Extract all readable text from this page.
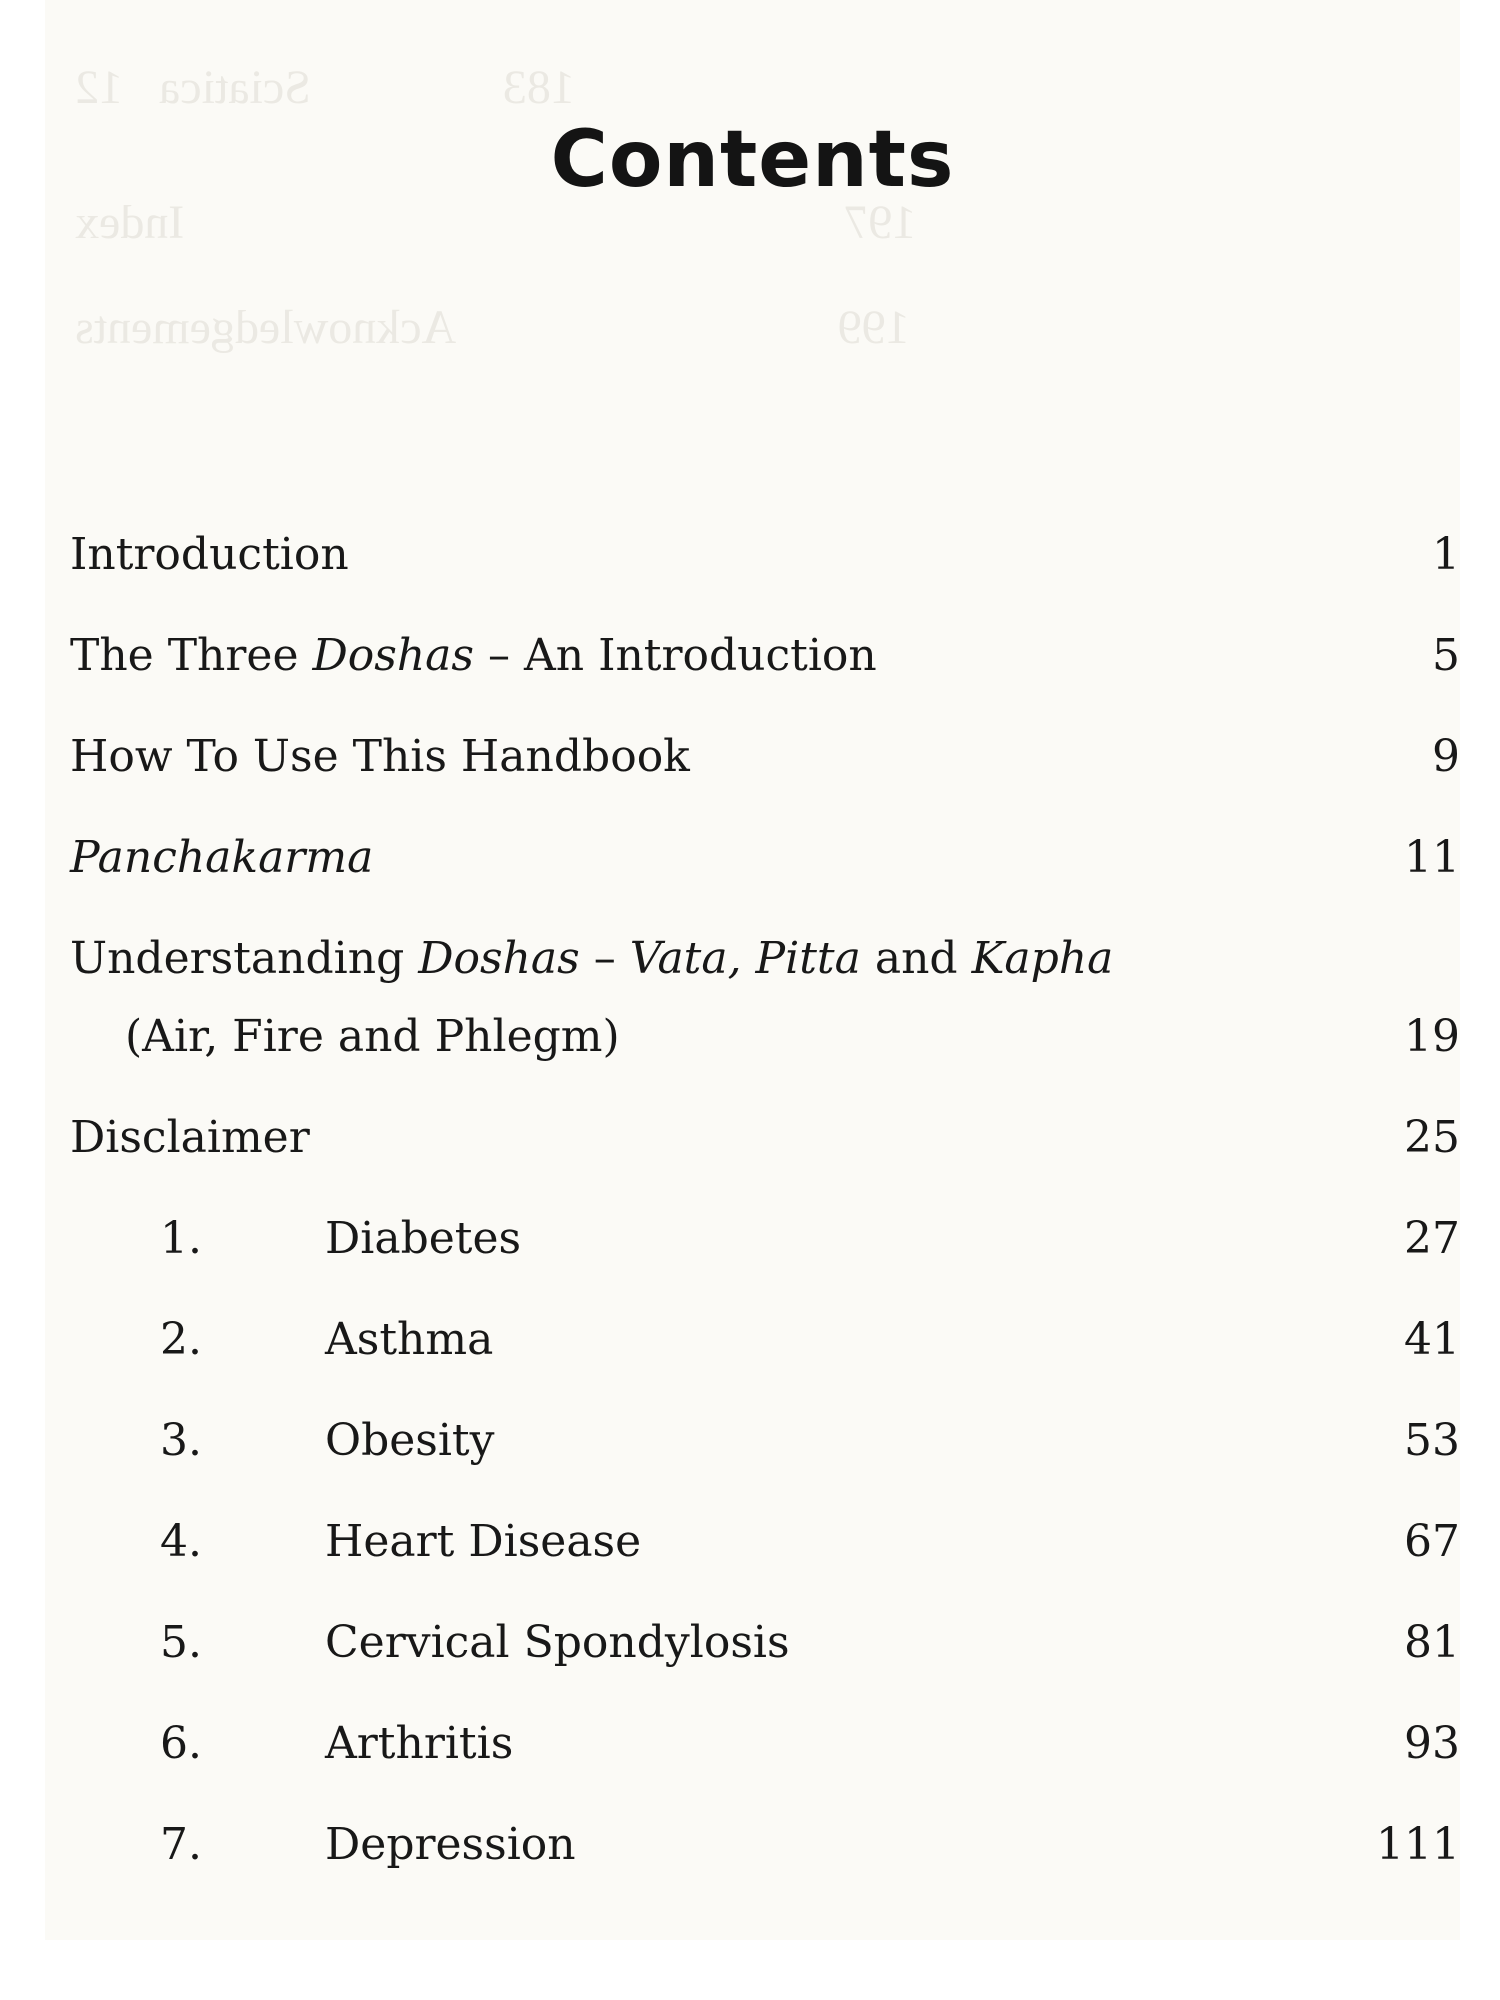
183                Sciatica   12
197                                                       Index
199                                Acknowledgements
Contents
Introduction	1
The Three Doshas – An Introduction	5
How To Use This Handbook	9
Panchakarma	11
Understanding Doshas – Vata, Pitta and Kapha
(Air, Fire and Phlegm)	19
Disclaimer	25
1.	Diabetes	27
2.	Asthma	41
3.	Obesity	53
4.	Heart Disease	67
5.	Cervical Spondylosis	81
6.	Arthritis	93
7.	Depression	111
